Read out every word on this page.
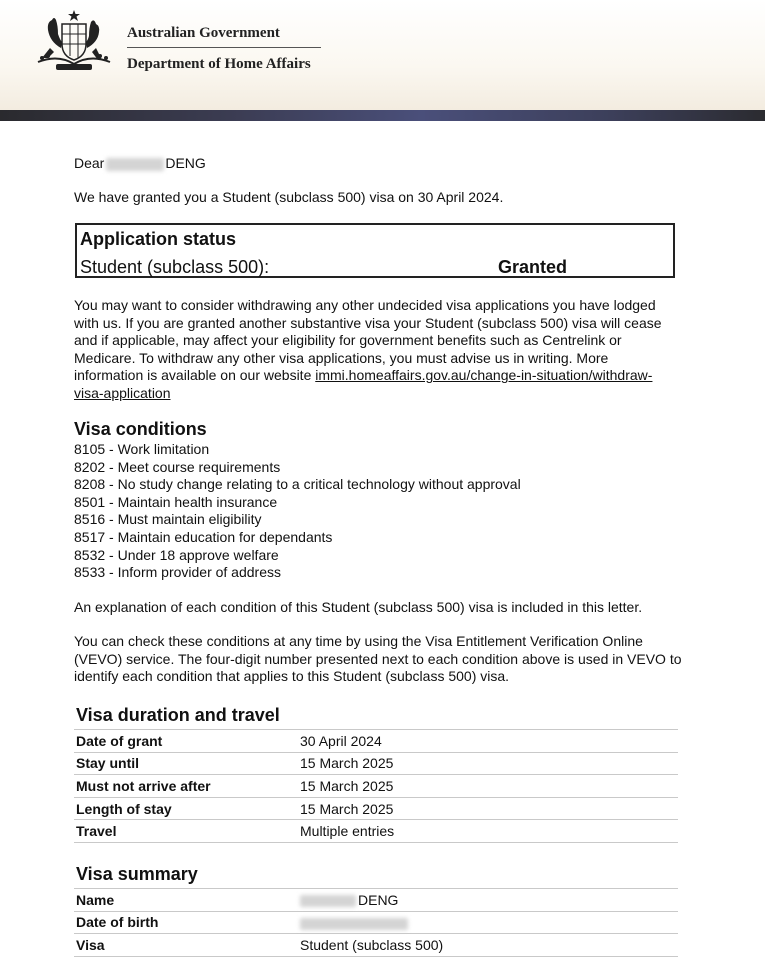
Australian Government
Department of Home Affairs

Dear	DENG

We have granted you a Student (subclass 500) visa on 30 April 2024.

Application status
Student (subclass 500):	Granted

You may want to consider withdrawing any other undecided visa applications you have lodged with us. If you are granted another substantive visa your Student (subclass 500) visa will cease and if applicable, may affect your eligibility for government benefits such as Centrelink or Medicare. To withdraw any other visa applications, you must advise us in writing. More information is available on our website immi.homeaffairs.gov.au/change-in-situation/withdraw-visa-application

Visa conditions
8105 - Work limitation
8202 - Meet course requirements
8208 - No study change relating to a critical technology without approval
8501 - Maintain health insurance
8516 - Must maintain eligibility
8517 - Maintain education for dependants
8532 - Under 18 approve welfare
8533 - Inform provider of address

An explanation of each condition of this Student (subclass 500) visa is included in this letter.

You can check these conditions at any time by using the Visa Entitlement Verification Online (VEVO) service. The four-digit number presented next to each condition above is used in VEVO to identify each condition that applies to this Student (subclass 500) visa.

Visa duration and travel
Date of grant	30 April 2024
Stay until	15 March 2025
Must not arrive after	15 March 2025
Length of stay	15 March 2025
Travel	Multiple entries
Visa summary
Name	DENG
Date of birth	
Visa	Student (subclass 500)
